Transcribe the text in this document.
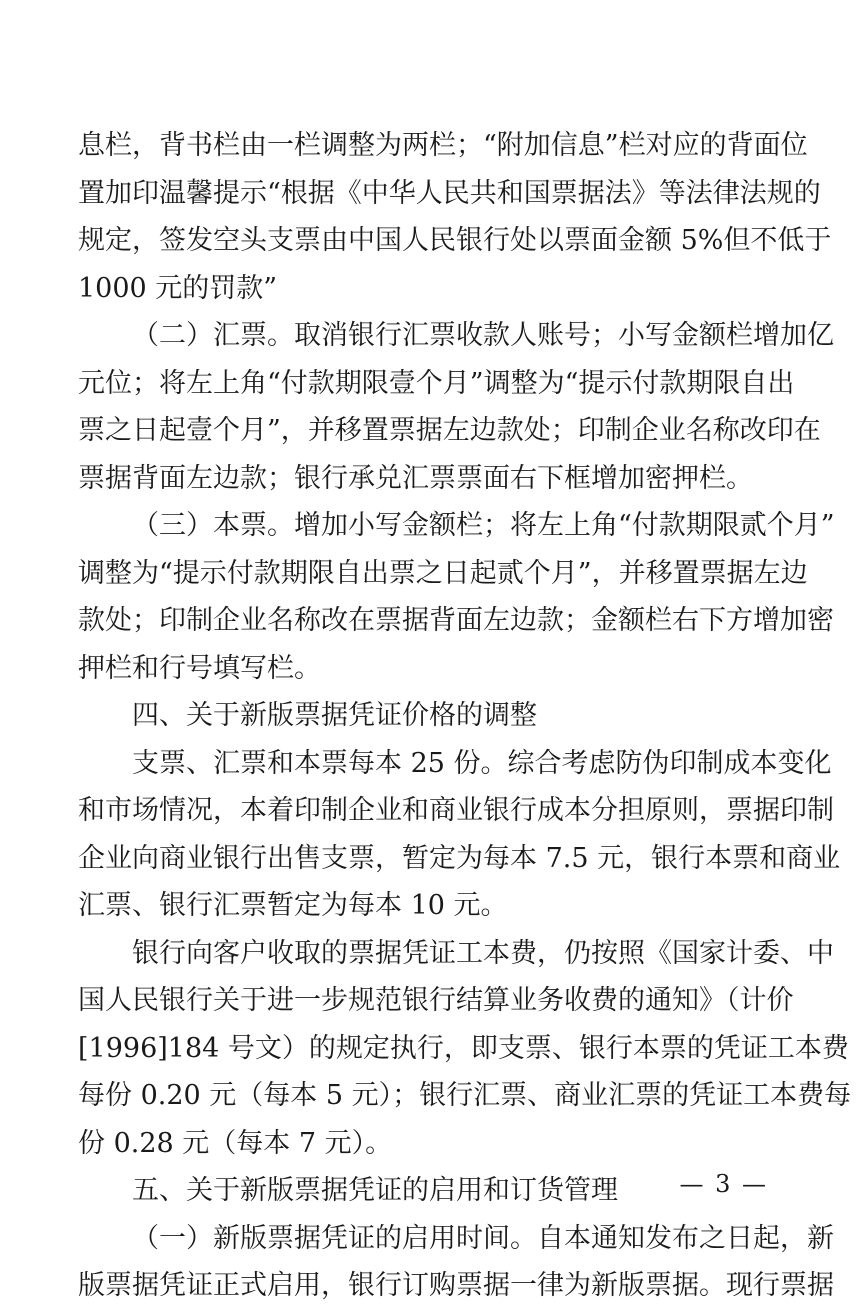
息栏，背书栏由一栏调整为两栏；“附加信息”栏对应的背面位
置加印温馨提示“根据《中华人民共和国票据法》等法律法规的
规定，签发空头支票由中国人民银行处以票面金额 5%但不低于
1000 元的罚款”
（二）汇票。取消银行汇票收款人账号；小写金额栏增加亿
元位；将左上角“付款期限壹个月”调整为“提示付款期限自出
票之日起壹个月”，并移置票据左边款处；印制企业名称改印在
票据背面左边款；银行承兑汇票票面右下框增加密押栏。
（三）本票。增加小写金额栏；将左上角“付款期限贰个月”
调整为“提示付款期限自出票之日起贰个月”，并移置票据左边
款处；印制企业名称改在票据背面左边款；金额栏右下方增加密
押栏和行号填写栏。
四、关于新版票据凭证价格的调整
支票、汇票和本票每本 25 份。综合考虑防伪印制成本变化
和市场情况，本着印制企业和商业银行成本分担原则，票据印制
企业向商业银行出售支票，暂定为每本 7.5 元，银行本票和商业
汇票、银行汇票暂定为每本 10 元。
银行向客户收取的票据凭证工本费，仍按照《国家计委、中
国人民银行关于进一步规范银行结算业务收费的通知》（计价
[1996]184 号文）的规定执行，即支票、银行本票的凭证工本费
每份 0.20 元（每本 5 元）；银行汇票、商业汇票的凭证工本费每
份 0.28 元（每本 7 元）。
五、关于新版票据凭证的启用和订货管理
（一）新版票据凭证的启用时间。自本通知发布之日起，新
版票据凭证正式启用，银行订购票据一律为新版票据。现行票据
— 3 —
